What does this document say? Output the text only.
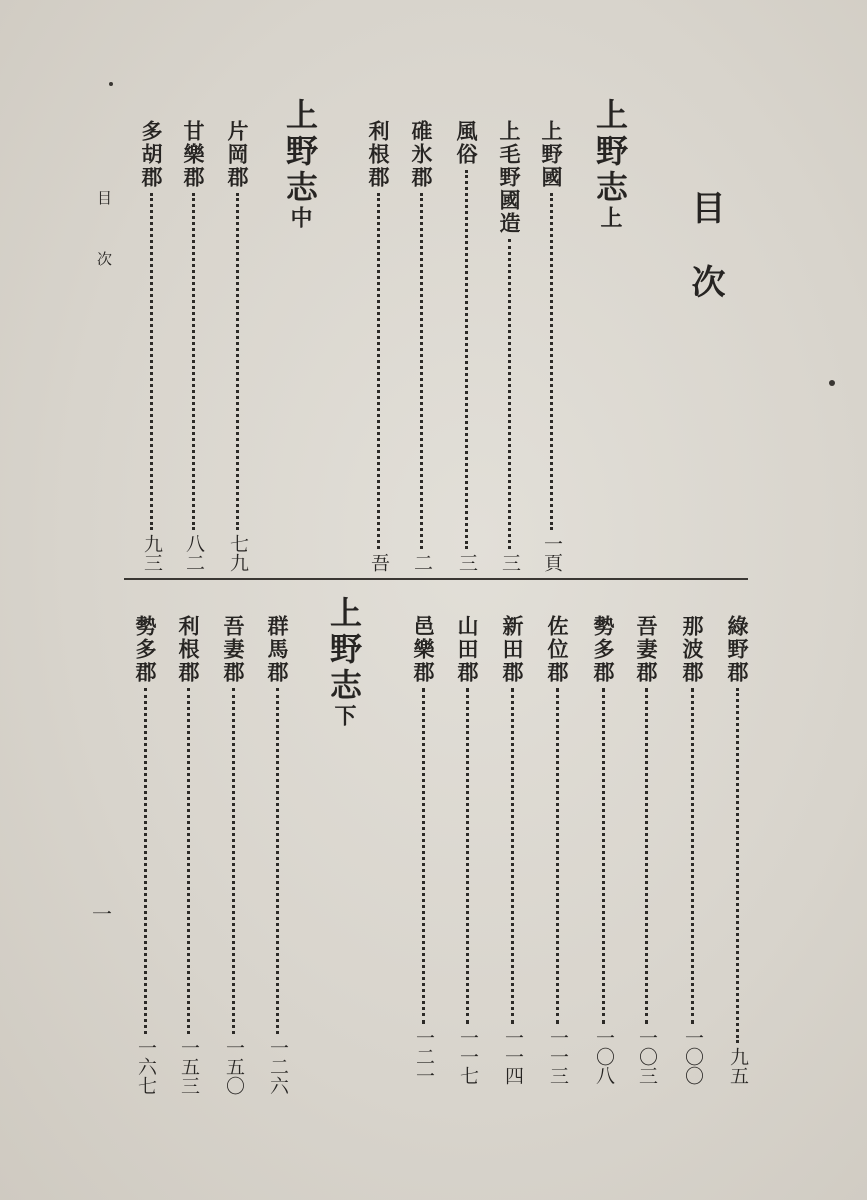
目次
目次
一
上野志上
上野國
一頁
上毛野國造
三
風俗
三
碓氷郡
二
利根郡
吾
上野志中
片岡郡
七九
甘樂郡
八二
多胡郡
九三
綠野郡
九五
那波郡
一〇〇
吾妻郡
一〇三
勢多郡
一〇八
佐位郡
一一三
新田郡
一一四
山田郡
一一七
邑樂郡
一二一
上野志下
群馬郡
一二六
吾妻郡
一五〇
利根郡
一五三
勢多郡
一六七
